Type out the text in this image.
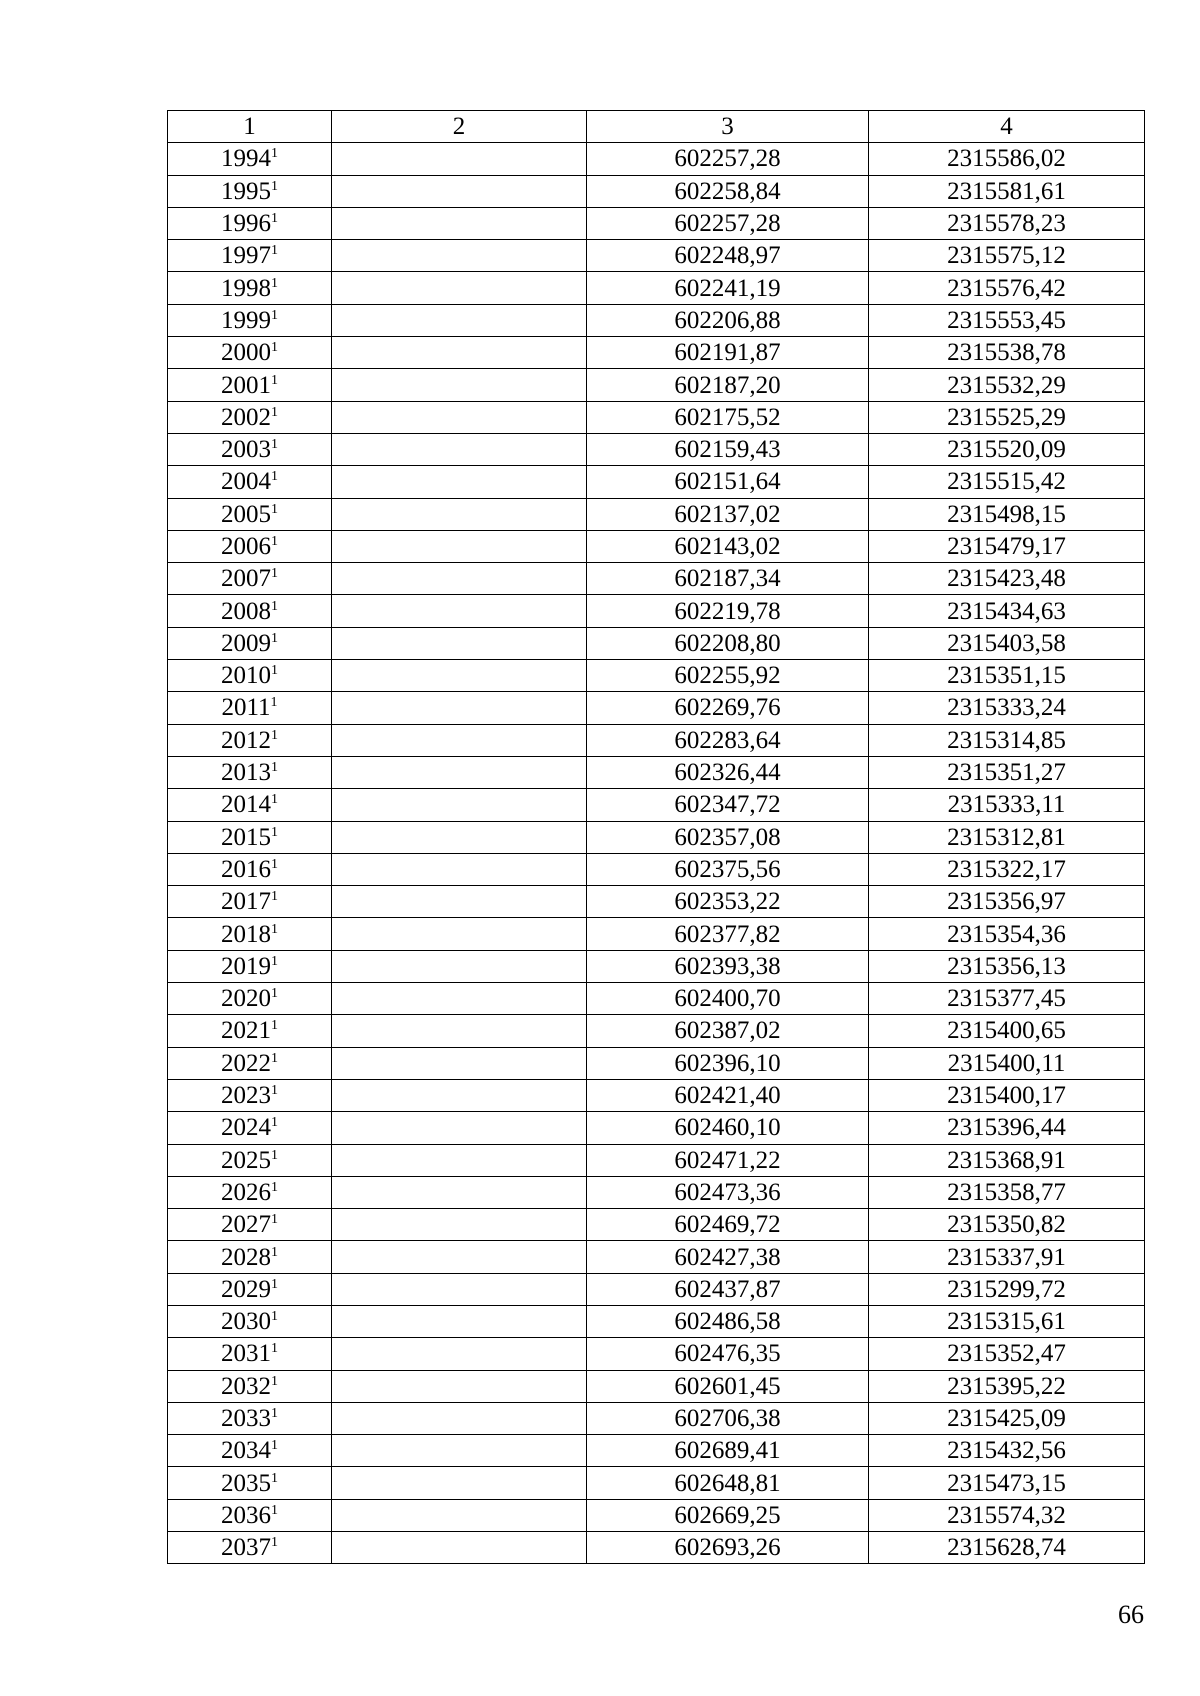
1	2	3	4
1994$^1$		602257,28	2315586,02
1995$^1$		602258,84	2315581,61
1996$^1$		602257,28	2315578,23
1997$^1$		602248,97	2315575,12
1998$^1$		602241,19	2315576,42
1999$^1$		602206,88	2315553,45
2000$^1$		602191,87	2315538,78
2001$^1$		602187,20	2315532,29
2002$^1$		602175,52	2315525,29
2003$^1$		602159,43	2315520,09
2004$^1$		602151,64	2315515,42
2005$^1$		602137,02	2315498,15
2006$^1$		602143,02	2315479,17
2007$^1$		602187,34	2315423,48
2008$^1$		602219,78	2315434,63
2009$^1$		602208,80	2315403,58
2010$^1$		602255,92	2315351,15
2011$^1$		602269,76	2315333,24
2012$^1$		602283,64	2315314,85
2013$^1$		602326,44	2315351,27
2014$^1$		602347,72	2315333,11
2015$^1$		602357,08	2315312,81
2016$^1$		602375,56	2315322,17
2017$^1$		602353,22	2315356,97
2018$^1$		602377,82	2315354,36
2019$^1$		602393,38	2315356,13
2020$^1$		602400,70	2315377,45
2021$^1$		602387,02	2315400,65
2022$^1$		602396,10	2315400,11
2023$^1$		602421,40	2315400,17
2024$^1$		602460,10	2315396,44
2025$^1$		602471,22	2315368,91
2026$^1$		602473,36	2315358,77
2027$^1$		602469,72	2315350,82
2028$^1$		602427,38	2315337,91
2029$^1$		602437,87	2315299,72
2030$^1$		602486,58	2315315,61
2031$^1$		602476,35	2315352,47
2032$^1$		602601,45	2315395,22
2033$^1$		602706,38	2315425,09
2034$^1$		602689,41	2315432,56
2035$^1$		602648,81	2315473,15
2036$^1$		602669,25	2315574,32
2037$^1$		602693,26	2315628,74
66
